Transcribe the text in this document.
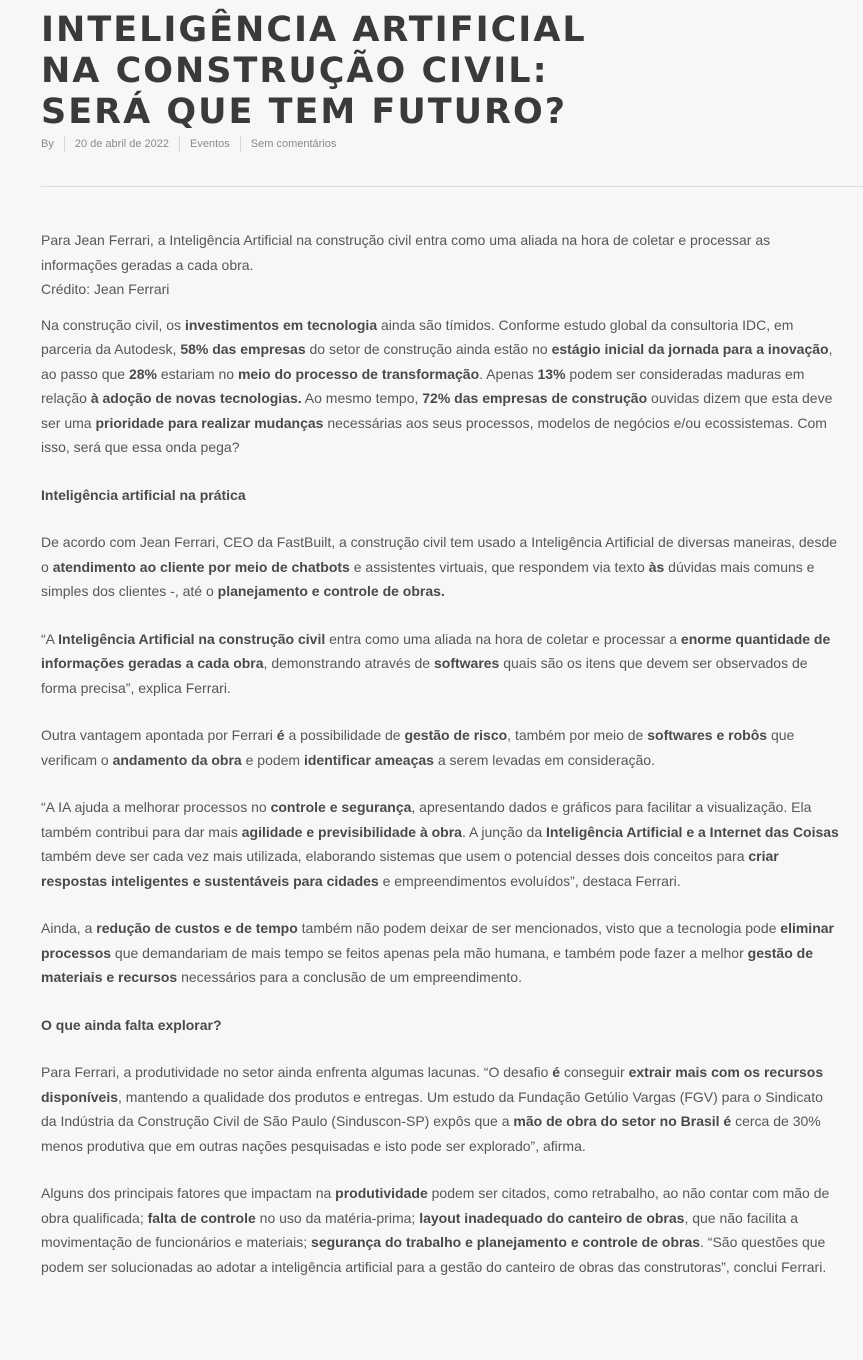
INTELIGÊNCIA ARTIFICIAL NA CONSTRUÇÃO CIVIL: SERÁ QUE TEM FUTURO?
By	20 de abril de 2022	Eventos	Sem comentários

Para Jean Ferrari, a Inteligência Artificial na construção civil entra como uma aliada na hora de coletar e processar as informações geradas a cada obra.
Crédito: Jean Ferrari

Na construção civil, os investimentos em tecnologia ainda são tímidos. Conforme estudo global da consultoria IDC, em parceria da Autodesk, 58% das empresas do setor de construção ainda estão no estágio inicial da jornada para a inovação, ao passo que 28% estariam no meio do processo de transformação. Apenas 13% podem ser consideradas maduras em relação à adoção de novas tecnologias. Ao mesmo tempo, 72% das empresas de construção ouvidas dizem que esta deve ser uma prioridade para realizar mudanças necessárias aos seus processos, modelos de negócios e/ou ecossistemas. Com isso, será que essa onda pega?

Inteligência artificial na prática

De acordo com Jean Ferrari, CEO da FastBuilt, a construção civil tem usado a Inteligência Artificial de diversas maneiras, desde o atendimento ao cliente por meio de chatbots e assistentes virtuais, que respondem via texto às dúvidas mais comuns e simples dos clientes -, até o planejamento e controle de obras.

“A Inteligência Artificial na construção civil entra como uma aliada na hora de coletar e processar a enorme quantidade de informações geradas a cada obra, demonstrando através de softwares quais são os itens que devem ser observados de forma precisa”, explica Ferrari.

Outra vantagem apontada por Ferrari é a possibilidade de gestão de risco, também por meio de softwares e robôs que verificam o andamento da obra e podem identificar ameaças a serem levadas em consideração.

“A IA ajuda a melhorar processos no controle e segurança, apresentando dados e gráficos para facilitar a visualização. Ela também contribui para dar mais agilidade e previsibilidade à obra. A junção da Inteligência Artificial e a Internet das Coisas também deve ser cada vez mais utilizada, elaborando sistemas que usem o potencial desses dois conceitos para criar respostas inteligentes e sustentáveis para cidades e empreendimentos evoluídos”, destaca Ferrari.

Ainda, a redução de custos e de tempo também não podem deixar de ser mencionados, visto que a tecnologia pode eliminar processos que demandariam de mais tempo se feitos apenas pela mão humana, e também pode fazer a melhor gestão de materiais e recursos necessários para a conclusão de um empreendimento.

O que ainda falta explorar?

Para Ferrari, a produtividade no setor ainda enfrenta algumas lacunas. “O desafio é conseguir extrair mais com os recursos disponíveis, mantendo a qualidade dos produtos e entregas. Um estudo da Fundação Getúlio Vargas (FGV) para o Sindicato da Indústria da Construção Civil de São Paulo (Sinduscon-SP) expôs que a mão de obra do setor no Brasil é cerca de 30% menos produtiva que em outras nações pesquisadas e isto pode ser explorado”, afirma.

Alguns dos principais fatores que impactam na produtividade podem ser citados, como retrabalho, ao não contar com mão de obra qualificada; falta de controle no uso da matéria-prima; layout inadequado do canteiro de obras, que não facilita a movimentação de funcionários e materiais; segurança do trabalho e planejamento e controle de obras. “São questões que podem ser solucionadas ao adotar a inteligência artificial para a gestão do canteiro de obras das construtoras”, conclui Ferrari.
